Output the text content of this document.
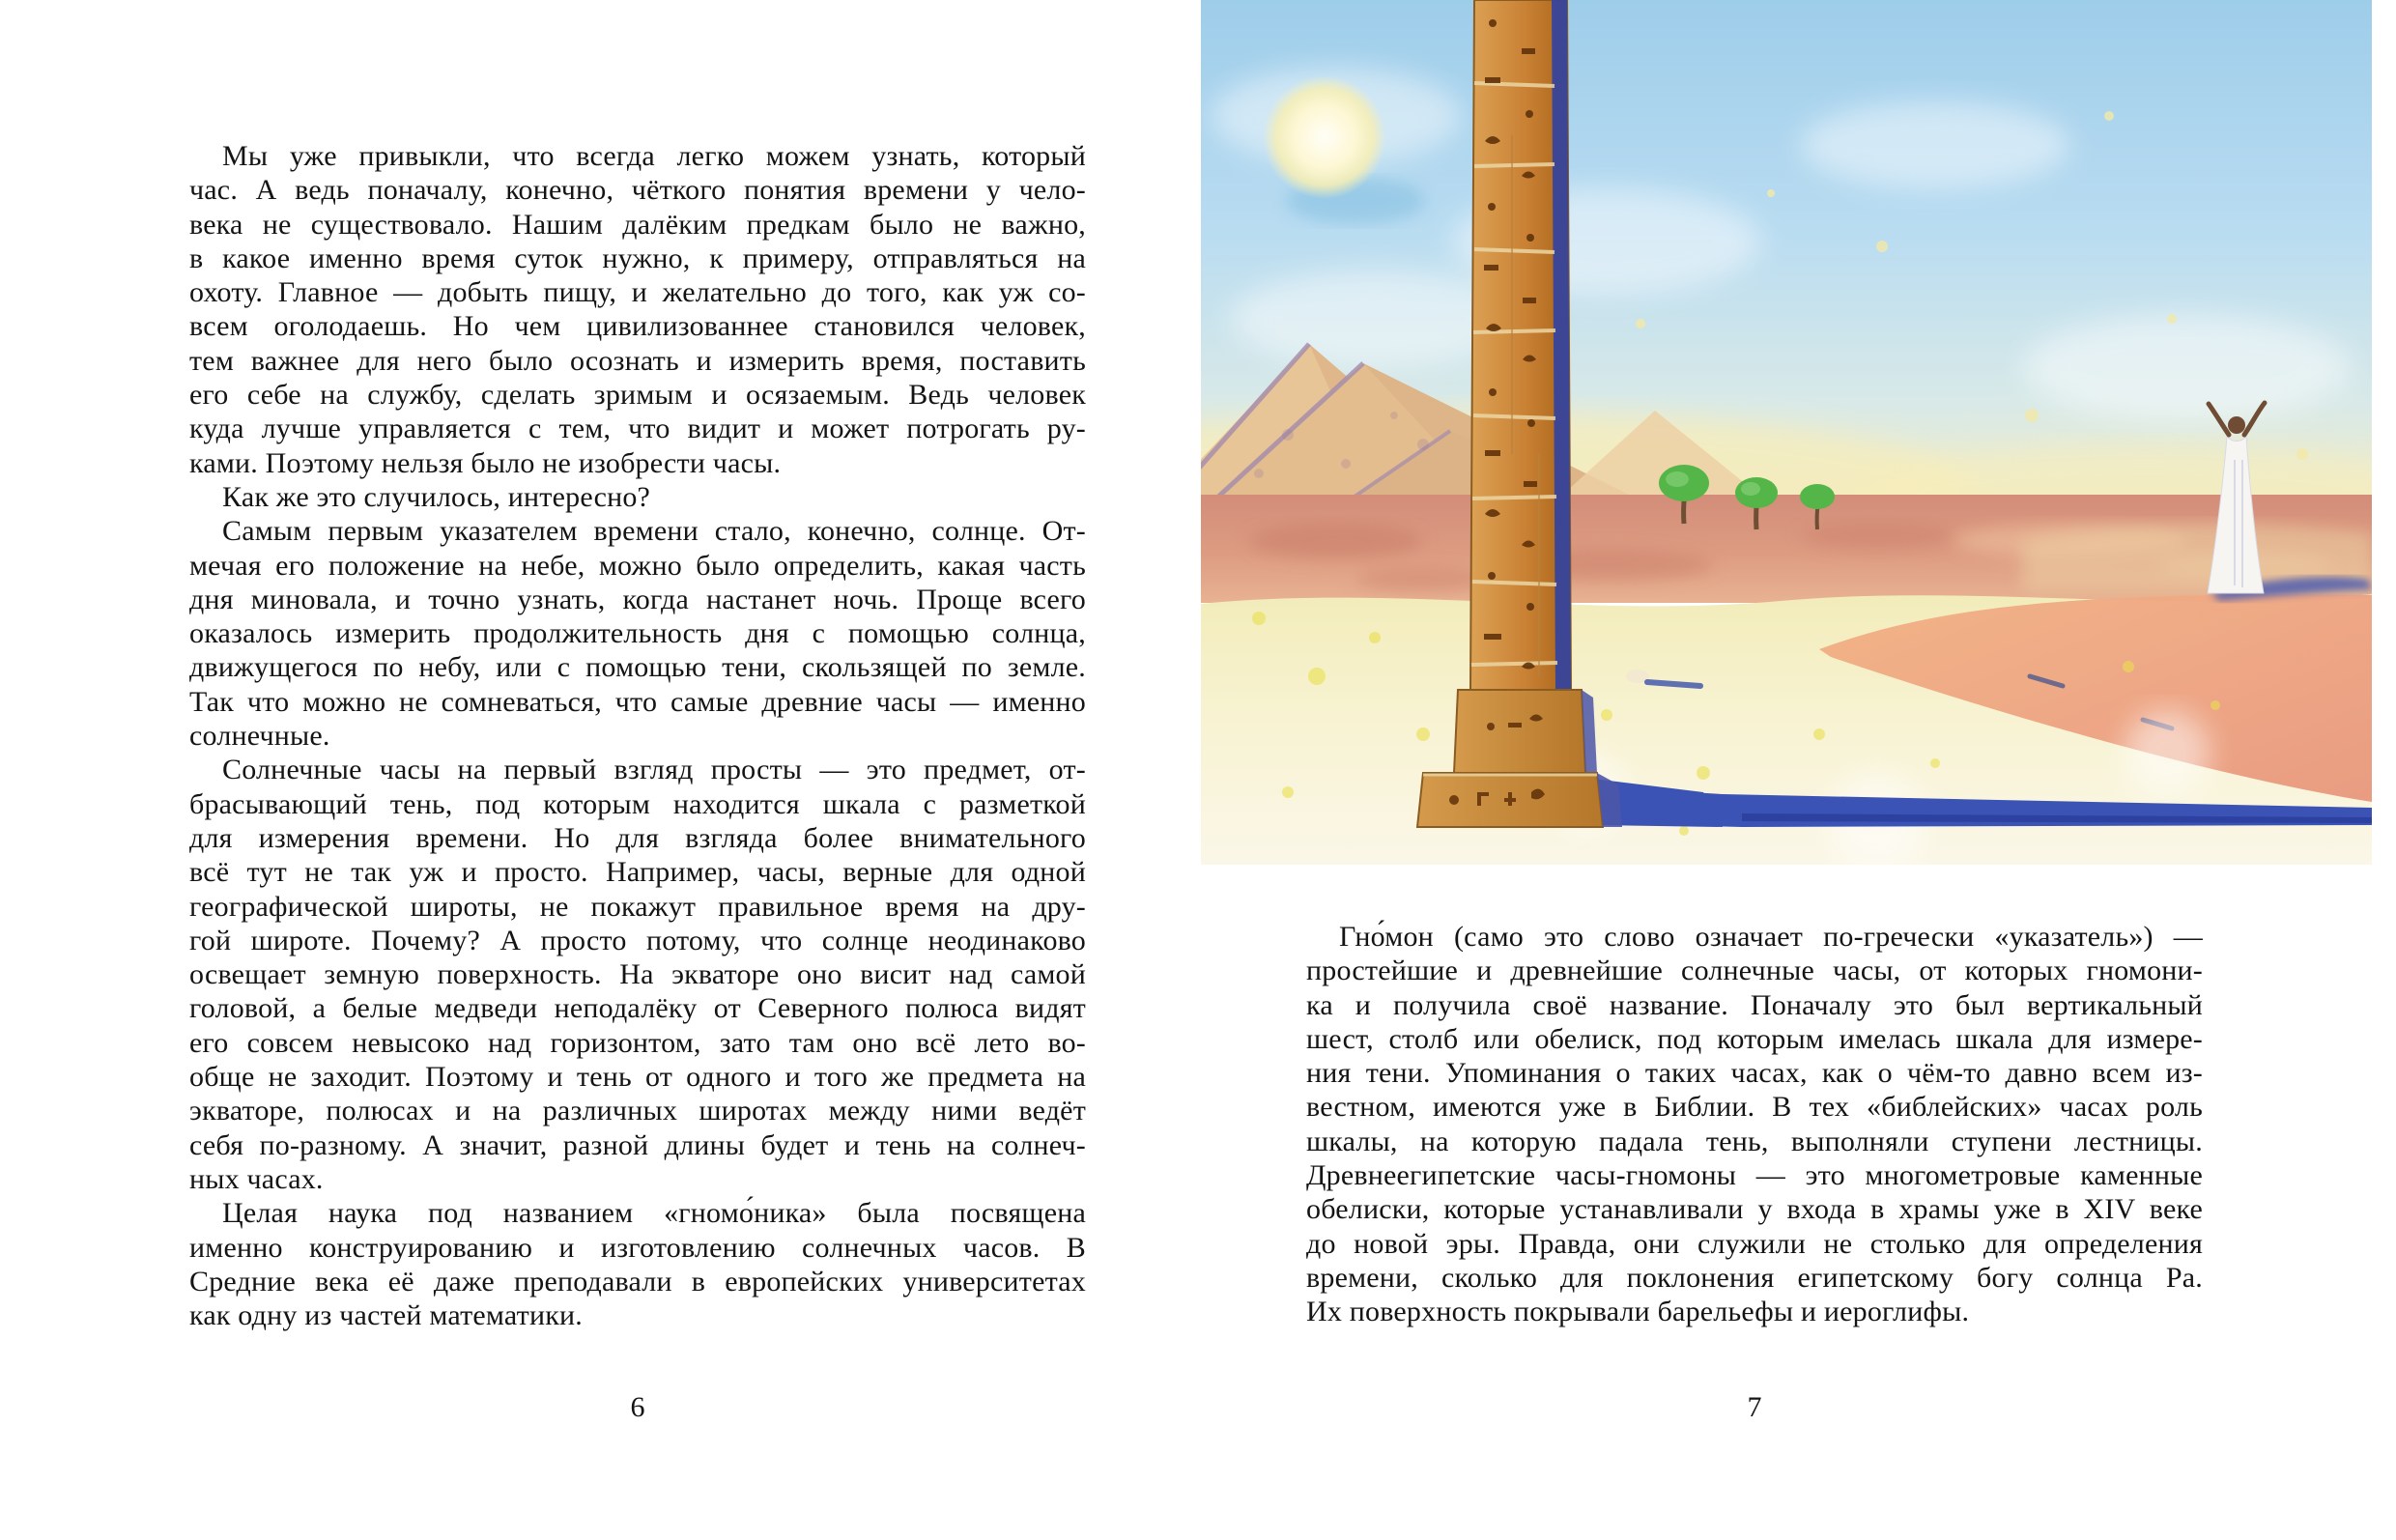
Мы уже привыкли, что всегда легко можем узнать, который
час. А ведь поначалу, конечно, чёткого понятия времени у чело-
века не существовало. Нашим далёким предкам было не важно,
в какое именно время суток нужно, к примеру, отправляться на
охоту. Главное — добыть пищу, и желательно до того, как уж со-
всем оголодаешь. Но чем цивилизованнее становился человек,
тем важнее для него было осознать и измерить время, поставить
его себе на службу, сделать зримым и осязаемым. Ведь человек
куда лучше управляется с тем, что видит и может потрогать ру-
ками. Поэтому нельзя было не изобрести часы.
Как же это случилось, интересно?
Самым первым указателем времени стало, конечно, солнце. От-
мечая его положение на небе, можно было определить, какая часть
дня миновала, и точно узнать, когда настанет ночь. Проще всего
оказалось измерить продолжительность дня с помощью солнца,
движущегося по небу, или с помощью тени, скользящей по земле.
Так что можно не сомневаться, что самые древние часы — именно
солнечные.
Солнечные часы на первый взгляд просты — это предмет, от-
брасывающий тень, под которым находится шкала с разметкой
для измерения времени. Но для взгляда более внимательного
всё тут не так уж и просто. Например, часы, верные для одной
географической широты, не покажут правильное время на дру-
гой широте. Почему? А просто потому, что солнце неодинаково
освещает земную поверхность. На экваторе оно висит над самой
головой, а белые медведи неподалёку от Северного полюса видят
его совсем невысоко над горизонтом, зато там оно всё лето во-
обще не заходит. Поэтому и тень от одного и того же предмета на
экваторе, полюсах и на различных широтах между ними ведёт
себя по-разному. А значит, разной длины будет и тень на солнеч-
ных часах.
Целая наука под названием «гномо́ника» была посвящена
именно конструированию и изготовлению солнечных часов. В
Средние века её даже преподавали в европейских университетах
как одну из частей математики.
6
Гно́мон (само это слово означает по-гречески «указатель») —
простейшие и древнейшие солнечные часы, от которых гномони-
ка и получила своё название. Поначалу это был вертикальный
шест, столб или обелиск, под которым имелась шкала для измере-
ния тени. Упоминания о таких часах, как о чём-то давно всем из-
вестном, имеются уже в Библии. В тех «библейских» часах роль
шкалы, на которую падала тень, выполняли ступени лестницы.
Древнеегипетские часы-гномоны — это многометровые каменные
обелиски, которые устанавливали у входа в храмы уже в XIV веке
до новой эры. Правда, они служили не столько для определения
времени, сколько для поклонения египетскому богу солнца Ра.
Их поверхность покрывали барельефы и иероглифы.
7
